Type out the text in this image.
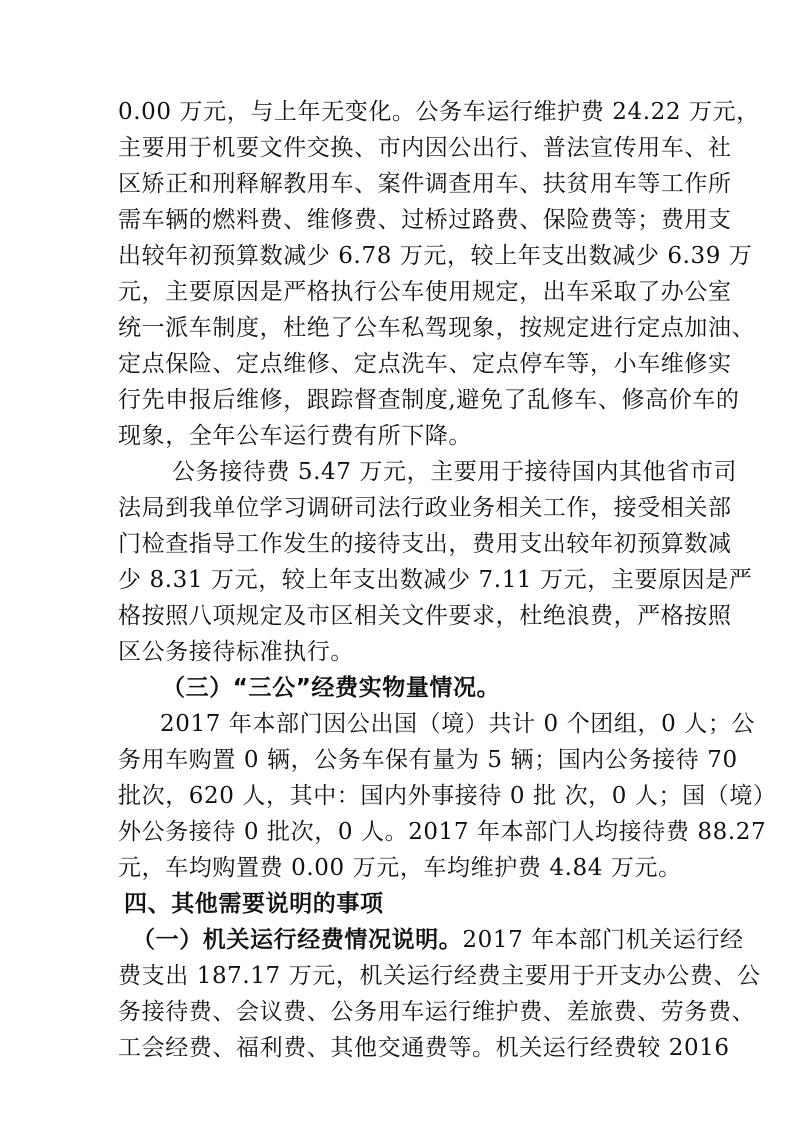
0.00 万元，与上年无变化。公务车运行维护费 24.22 万元，
主要用于机要文件交换、市内因公出行、普法宣传用车、社
区矫正和刑释解教用车、案件调查用车、扶贫用车等工作所
需车辆的燃料费、维修费、过桥过路费、保险费等；费用支
出较年初预算数减少 6.78 万元，较上年支出数减少 6.39 万
元，主要原因是严格执行公车使用规定，出车采取了办公室
统一派车制度，杜绝了公车私驾现象，按规定进行定点加油、
定点保险、定点维修、定点洗车、定点停车等，小车维修实
行先申报后维修，跟踪督查制度,避免了乱修车、修高价车的
现象，全年公车运行费有所下降。
公务接待费 5.47 万元，主要用于接待国内其他省市司
法局到我单位学习调研司法行政业务相关工作，接受相关部
门检查指导工作发生的接待支出，费用支出较年初预算数减
少 8.31 万元，较上年支出数减少 7.11 万元，主要原因是严
格按照八项规定及市区相关文件要求，杜绝浪费，严格按照
区公务接待标准执行。
（三）“三公”经费实物量情况。
2017 年本部门因公出国（境）共计 0 个团组，0 人；公
务用车购置 0 辆，公务车保有量为 5 辆；国内公务接待 70
批次，620 人，其中：国内外事接待 0 批 次，0 人；国（境）
外公务接待 0 批次，0 人。2017 年本部门人均接待费 88.27
元，车均购置费 0.00 万元，车均维护费 4.84 万元。
四、其他需要说明的事项
（一）机关运行经费情况说明。2017 年本部门机关运行经
费支出 187.17 万元，机关运行经费主要用于开支办公费、公
务接待费、会议费、公务用车运行维护费、差旅费、劳务费、
工会经费、福利费、其他交通费等。机关运行经费较 2016
